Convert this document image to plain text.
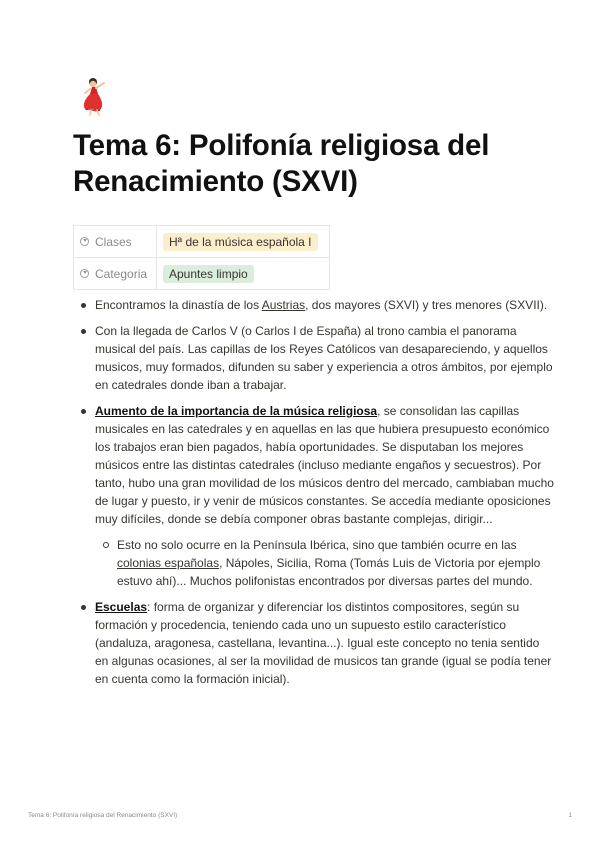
Tema 6: Polifonía religiosa del Renacimiento (SXVI)
Clases	Hª de la música española I

Categoria	Apuntes limpio
Encontramos la dinastía de los Austrias, dos mayores (SXVI) y tres menores (SXVII).
Con la llegada de Carlos V (o Carlos I de España) al trono cambia el panorama musical del país. Las capillas de los Reyes Católicos van desapareciendo, y aquellos musicos, muy formados, difunden su saber y experiencia a otros ámbitos, por ejemplo en catedrales donde iban a trabajar.
Aumento de la importancia de la música religiosa, se consolidan las capillas musicales en las catedrales y en aquellas en las que hubiera presupuesto económico los trabajos eran bien pagados, había oportunidades. Se disputaban los mejores músicos entre las distintas catedrales (incluso mediante engaños y secuestros). Por tanto, hubo una gran movilidad de los músicos dentro del mercado, cambiaban mucho de lugar y puesto, ir y venir de músicos constantes. Se accedía mediante oposiciones muy difíciles, donde se debía componer obras bastante complejas, dirigir...
Esto no solo ocurre en la Península Ibérica, sino que también ocurre en las colonias españolas, Nápoles, Sicilia, Roma (Tomás Luis de Victoria por ejemplo estuvo ahí)... Muchos polifonistas encontrados por diversas partes del mundo.
Escuelas: forma de organizar y diferenciar los distintos compositores, según su formación y procedencia, teniendo cada uno un supuesto estilo característico (andaluza, aragonesa, castellana, levantina...). Igual este concepto no tenia sentido en algunas ocasiones, al ser la movilidad de musicos tan grande (igual se podía tener en cuenta como la formación inicial).
Tema 6: Polifonía religiosa del Renacimiento (SXVI)	1
